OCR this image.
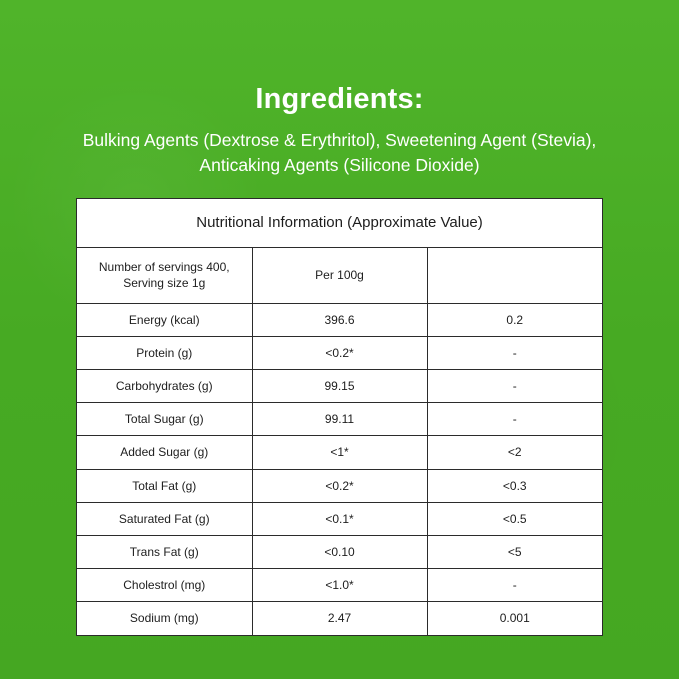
Ingredients:

Bulking Agents (Dextrose & Erythritol), Sweetening Agent (Stevia), Anticaking Agents (Silicone Dioxide)

Nutritional Information (Approximate Value)		

Number of servings 400,
Serving size 1g	Per 100g	
Energy (kcal)	396.6	0.2
Protein (g)	<0.2*	-
Carbohydrates (g)	99.15	-
Total Sugar (g)	99.11	-
Added Sugar (g)	<1*	<2
Total Fat (g)	<0.2*	<0.3
Saturated Fat (g)	<0.1*	<0.5
Trans Fat (g)	<0.10	<5
Cholestrol (mg)	<1.0*	-
Sodium (mg)	2.47	0.001
